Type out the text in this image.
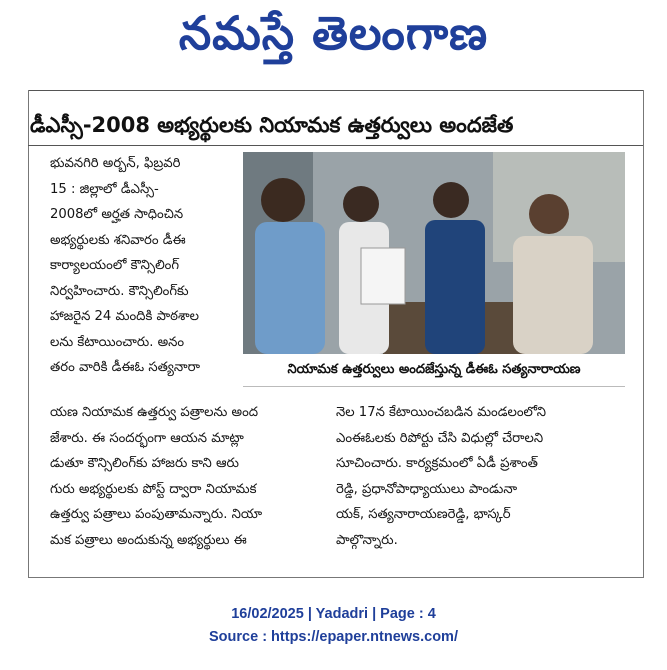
నమస్తే తెలంగాణ
డీఎస్సీ-2008 అభ్యర్థులకు నియామక ఉత్తర్వులు అందజేత

భువనగిరి అర్బన్, ఫిబ్రవరి

15 : జిల్లాలో డీఎస్సీ-

2008లో అర్హత సాధించిన

అభ్యర్థులకు శనివారం డీఈ

కార్యాలయంలో కౌన్సిలింగ్

నిర్వహించారు. కౌన్సిలింగ్‌కు

హాజరైన 24 మందికి పాఠశాల

లను కేటాయించారు. అనం

తరం వారికి డీఈఓ సత్యనారా	నియామక ఉత్తర్వులు అందజేస్తున్న డీఈఓ సత్యనారాయణ

యణ నియామక ఉత్తర్వు పత్రాలను అంద

జేశారు. ఈ సందర్భంగా ఆయన మాట్లా

డుతూ కౌన్సిలింగ్‌కు హాజరు కాని ఆరు

గురు అభ్యర్థులకు పోస్ట్ ద్వారా నియామక

ఉత్తర్వు పత్రాలు పంపుతామన్నారు. నియా

మక పత్రాలు అందుకున్న అభ్యర్థులు ఈ

నెల 17న కేటాయించబడిన మండలంలోని

ఎంఈఓలకు రిపోర్టు చేసి విధుల్లో చేరాలని

సూచించారు. కార్యక్రమంలో ఏడీ ప్రశాంత్

రెడ్డి, ప్రధానోపాధ్యాయులు పాండునా

యక్, సత్యనారాయణరెడ్డి, భాస్కర్

పాల్గొన్నారు.

16/02/2025 | Yadadri | Page : 4
Source : https://epaper.ntnews.com/
